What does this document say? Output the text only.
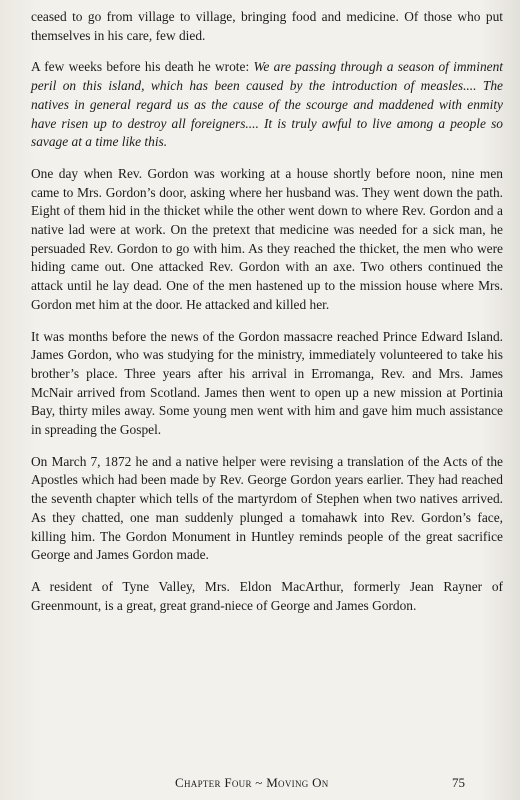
ceased to go from village to village, bringing food and medicine. Of those who put themselves in his care, few died.

A few weeks before his death he wrote: We are passing through a season of imminent peril on this island, which has been caused by the introduction of measles.... The natives in general regard us as the cause of the scourge and maddened with enmity have risen up to destroy all foreigners.... It is truly awful to live among a people so savage at a time like this.

One day when Rev. Gordon was working at a house shortly before noon, nine men came to Mrs. Gordon’s door, asking where her husband was. They went down the path. Eight of them hid in the thicket while the other went down to where Rev. Gordon and a native lad were at work. On the pretext that medicine was needed for a sick man, he persuaded Rev. Gordon to go with him. As they reached the thicket, the men who were hiding came out. One attacked Rev. Gordon with an axe. Two others continued the attack until he lay dead. One of the men hastened up to the mission house where Mrs. Gordon met him at the door. He attacked and killed her.

It was months before the news of the Gordon massacre reached Prince Edward Island. James Gordon, who was studying for the ministry, immediately volunteered to take his brother’s place. Three years after his arrival in Erromanga, Rev. and Mrs. James McNair arrived from Scotland. James then went to open up a new mission at Portinia Bay, thirty miles away. Some young men went with him and gave him much assistance in spreading the Gospel.

On March 7, 1872 he and a native helper were revising a translation of the Acts of the Apostles which had been made by Rev. George Gordon years earlier. They had reached the seventh chapter which tells of the martyrdom of Stephen when two natives arrived. As they chatted, one man suddenly plunged a tomahawk into Rev. Gordon’s face, killing him. The Gordon Monument in Huntley reminds people of the great sacrifice George and James Gordon made.

A resident of Tyne Valley, Mrs. Eldon MacArthur, formerly Jean Rayner of Greenmount, is a great, great grand-niece of George and James Gordon.

Chapter Four ~ Moving On	75
